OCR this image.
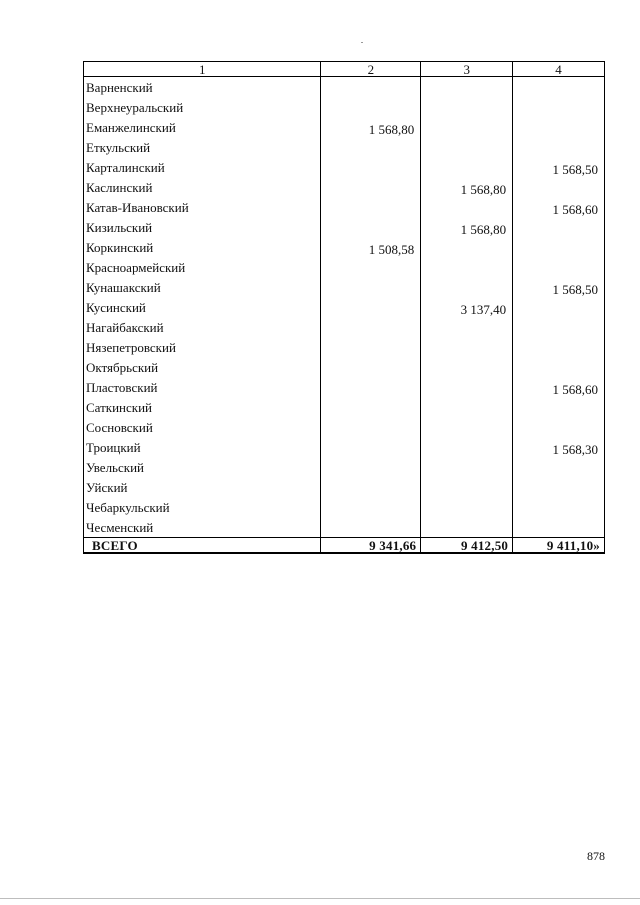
1	2	3	4
Варненский			
Верхнеуральский			
Еманжелинский	1 568,80		
Еткульский			
Карталинский			1 568,50
Каслинский		1 568,80	
Катав-Ивановский			1 568,60
Кизильский		1 568,80	
Коркинский	1 508,58		
Красноармейский			
Кунашакский			1 568,50
Кусинский		3 137,40	
Нагайбакский			
Нязепетровский			
Октябрьский			
Пластовский			1 568,60
Саткинский			
Сосновский			
Троицкий			1 568,30
Увельский			
Уйский			
Чебаркульский			
Чесменский			
ВСЕГО	9 341,66	9 412,50	9 411,10»
878
